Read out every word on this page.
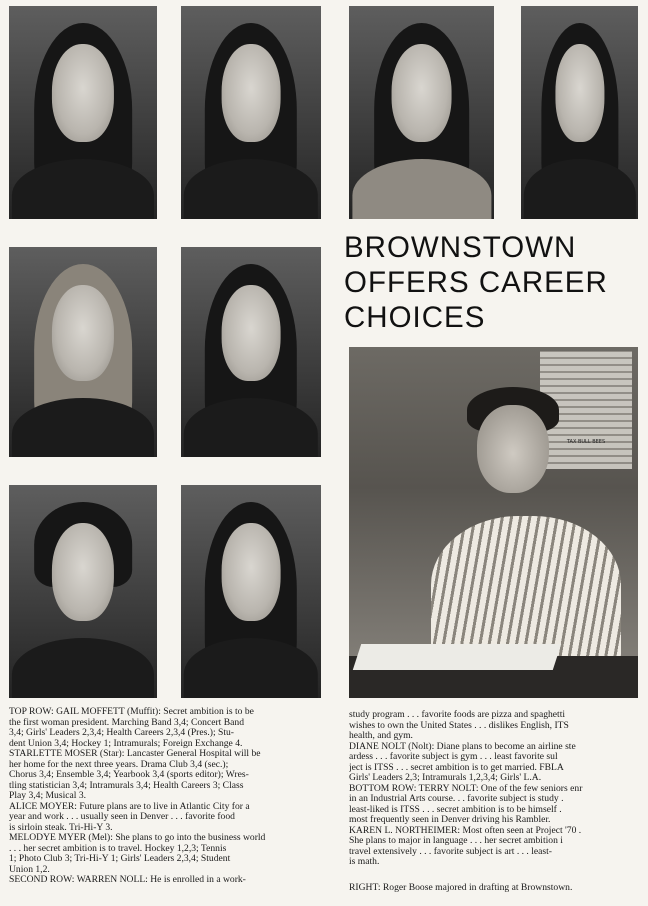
BROWNSTOWN
OFFERS CAREER
CHOICES
TAX BULL BEES

TOP ROW: GAIL MOFFETT (Muffit): Secret ambition is to be

the first woman president. Marching Band 3,4; Concert Band

3,4; Girls' Leaders 2,3,4; Health Careers 2,3,4 (Pres.); Stu-

dent Union 3,4; Hockey 1; Intramurals; Foreign Exchange 4.

STARLETTE MOSER (Star): Lancaster General Hospital will be

her home for the next three years. Drama Club 3,4 (sec.);

Chorus 3,4; Ensemble 3,4; Yearbook 3,4 (sports editor); Wres-

tling statistician 3,4; Intramurals 3,4; Health Careers 3; Class

Play 3,4; Musical 3.

ALICE MOYER: Future plans are to live in Atlantic City for a

year and work . . . usually seen in Denver . . . favorite food

is sirloin steak. Tri-Hi-Y 3.

MELODYE MYER (Mel): She plans to go into the business world

. . . her secret ambition is to travel. Hockey 1,2,3; Tennis

1; Photo Club 3; Tri-Hi-Y 1; Girls' Leaders 2,3,4; Student

Union 1,2.

SECOND ROW: WARREN NOLL: He is enrolled in a work-

study program . . . favorite foods are pizza and spaghetti

wishes to own the United States . . . dislikes English, ITS

health, and gym.

DIANE NOLT (Nolt): Diane plans to become an airline ste

ardess . . . favorite subject is gym . . . least favorite sul

ject is ITSS . . . secret ambition is to get married. FBLA

Girls' Leaders 2,3; Intramurals 1,2,3,4; Girls' L.A.

BOTTOM ROW: TERRY NOLT: One of the few seniors enr

in an Industrial Arts course. . . favorite subject is study .

least-liked is ITSS . . . secret ambition is to be himself .

most frequently seen in Denver driving his Rambler.

KAREN L. NORTHEIMER: Most often seen at Project '70 .

She plans to major in language . . . her secret ambition i

travel extensively . . . favorite subject is art . . . least-

is math.

RIGHT: Roger Boose majored in drafting at Brownstown.
